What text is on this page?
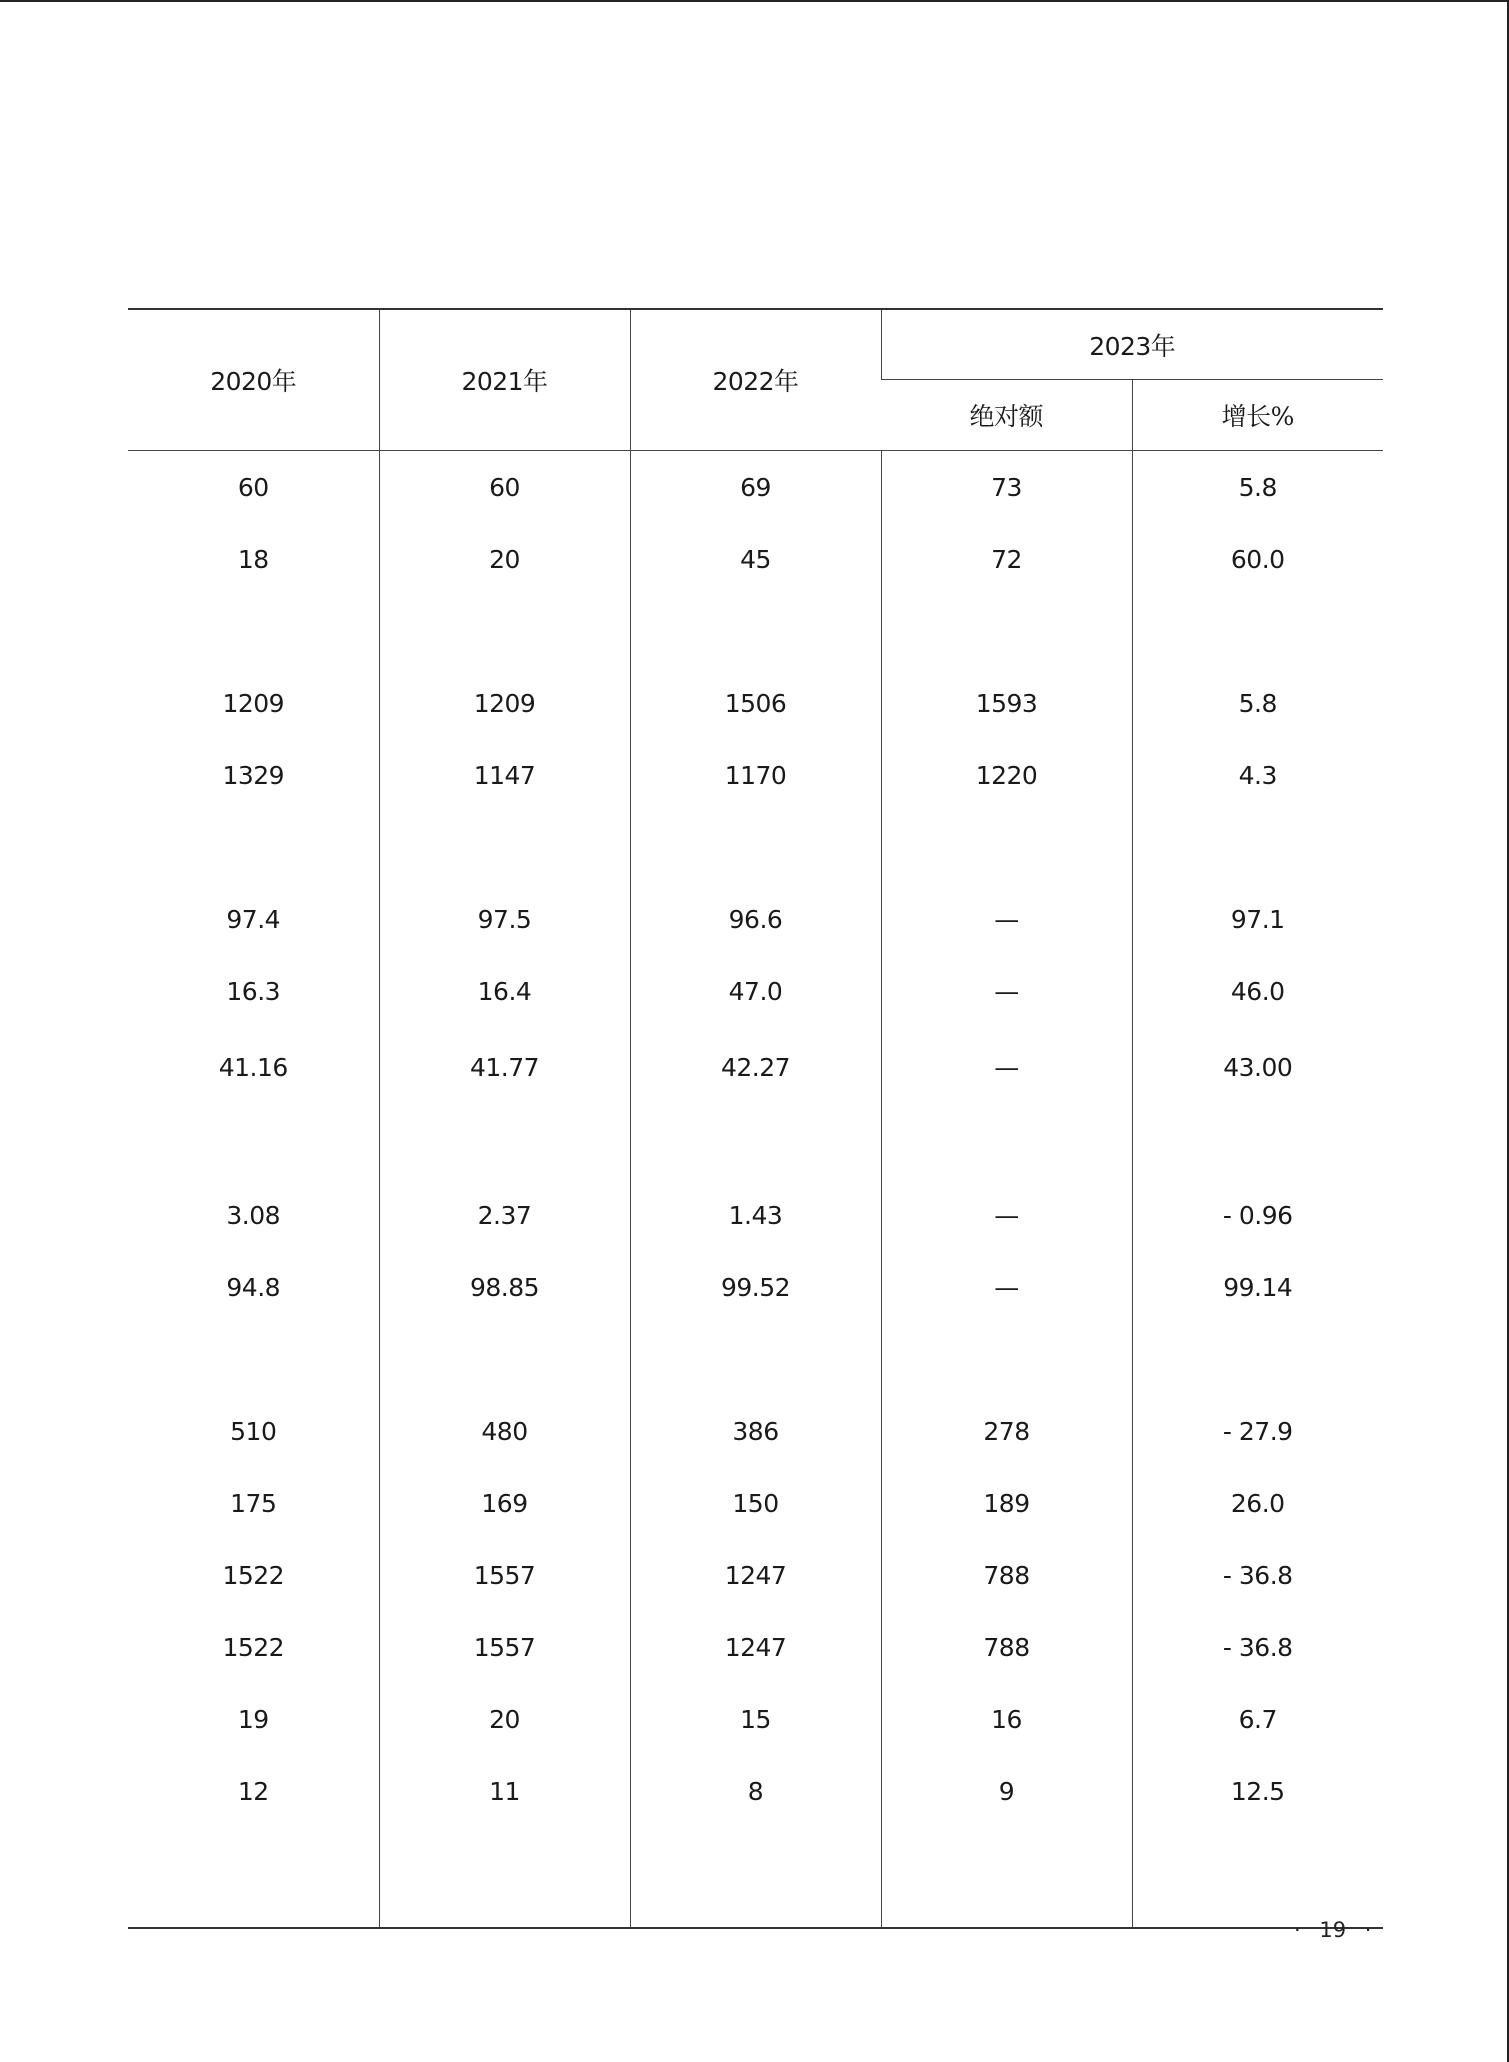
2020年	2021年	2022年	2023年	
			绝对额	增长%
60	60	69	73	5.8
18	20	45	72	60.0

1209	1209	1506	1593	5.8
1329	1147	1170	1220	4.3

97.4	97.5	96.6	—	97.1
16.3	16.4	47.0	—	46.0
41.16	41.77	42.27	—	43.00

3.08	2.37	1.43	—	- 0.96
94.8	98.85	99.52	—	99.14

510	480	386	278	- 27.9
175	169	150	189	26.0
1522	1557	1247	788	- 36.8
1522	1557	1247	788	- 36.8
19	20	15	16	6.7
12	11	8	9	12.5

· 19 ·
